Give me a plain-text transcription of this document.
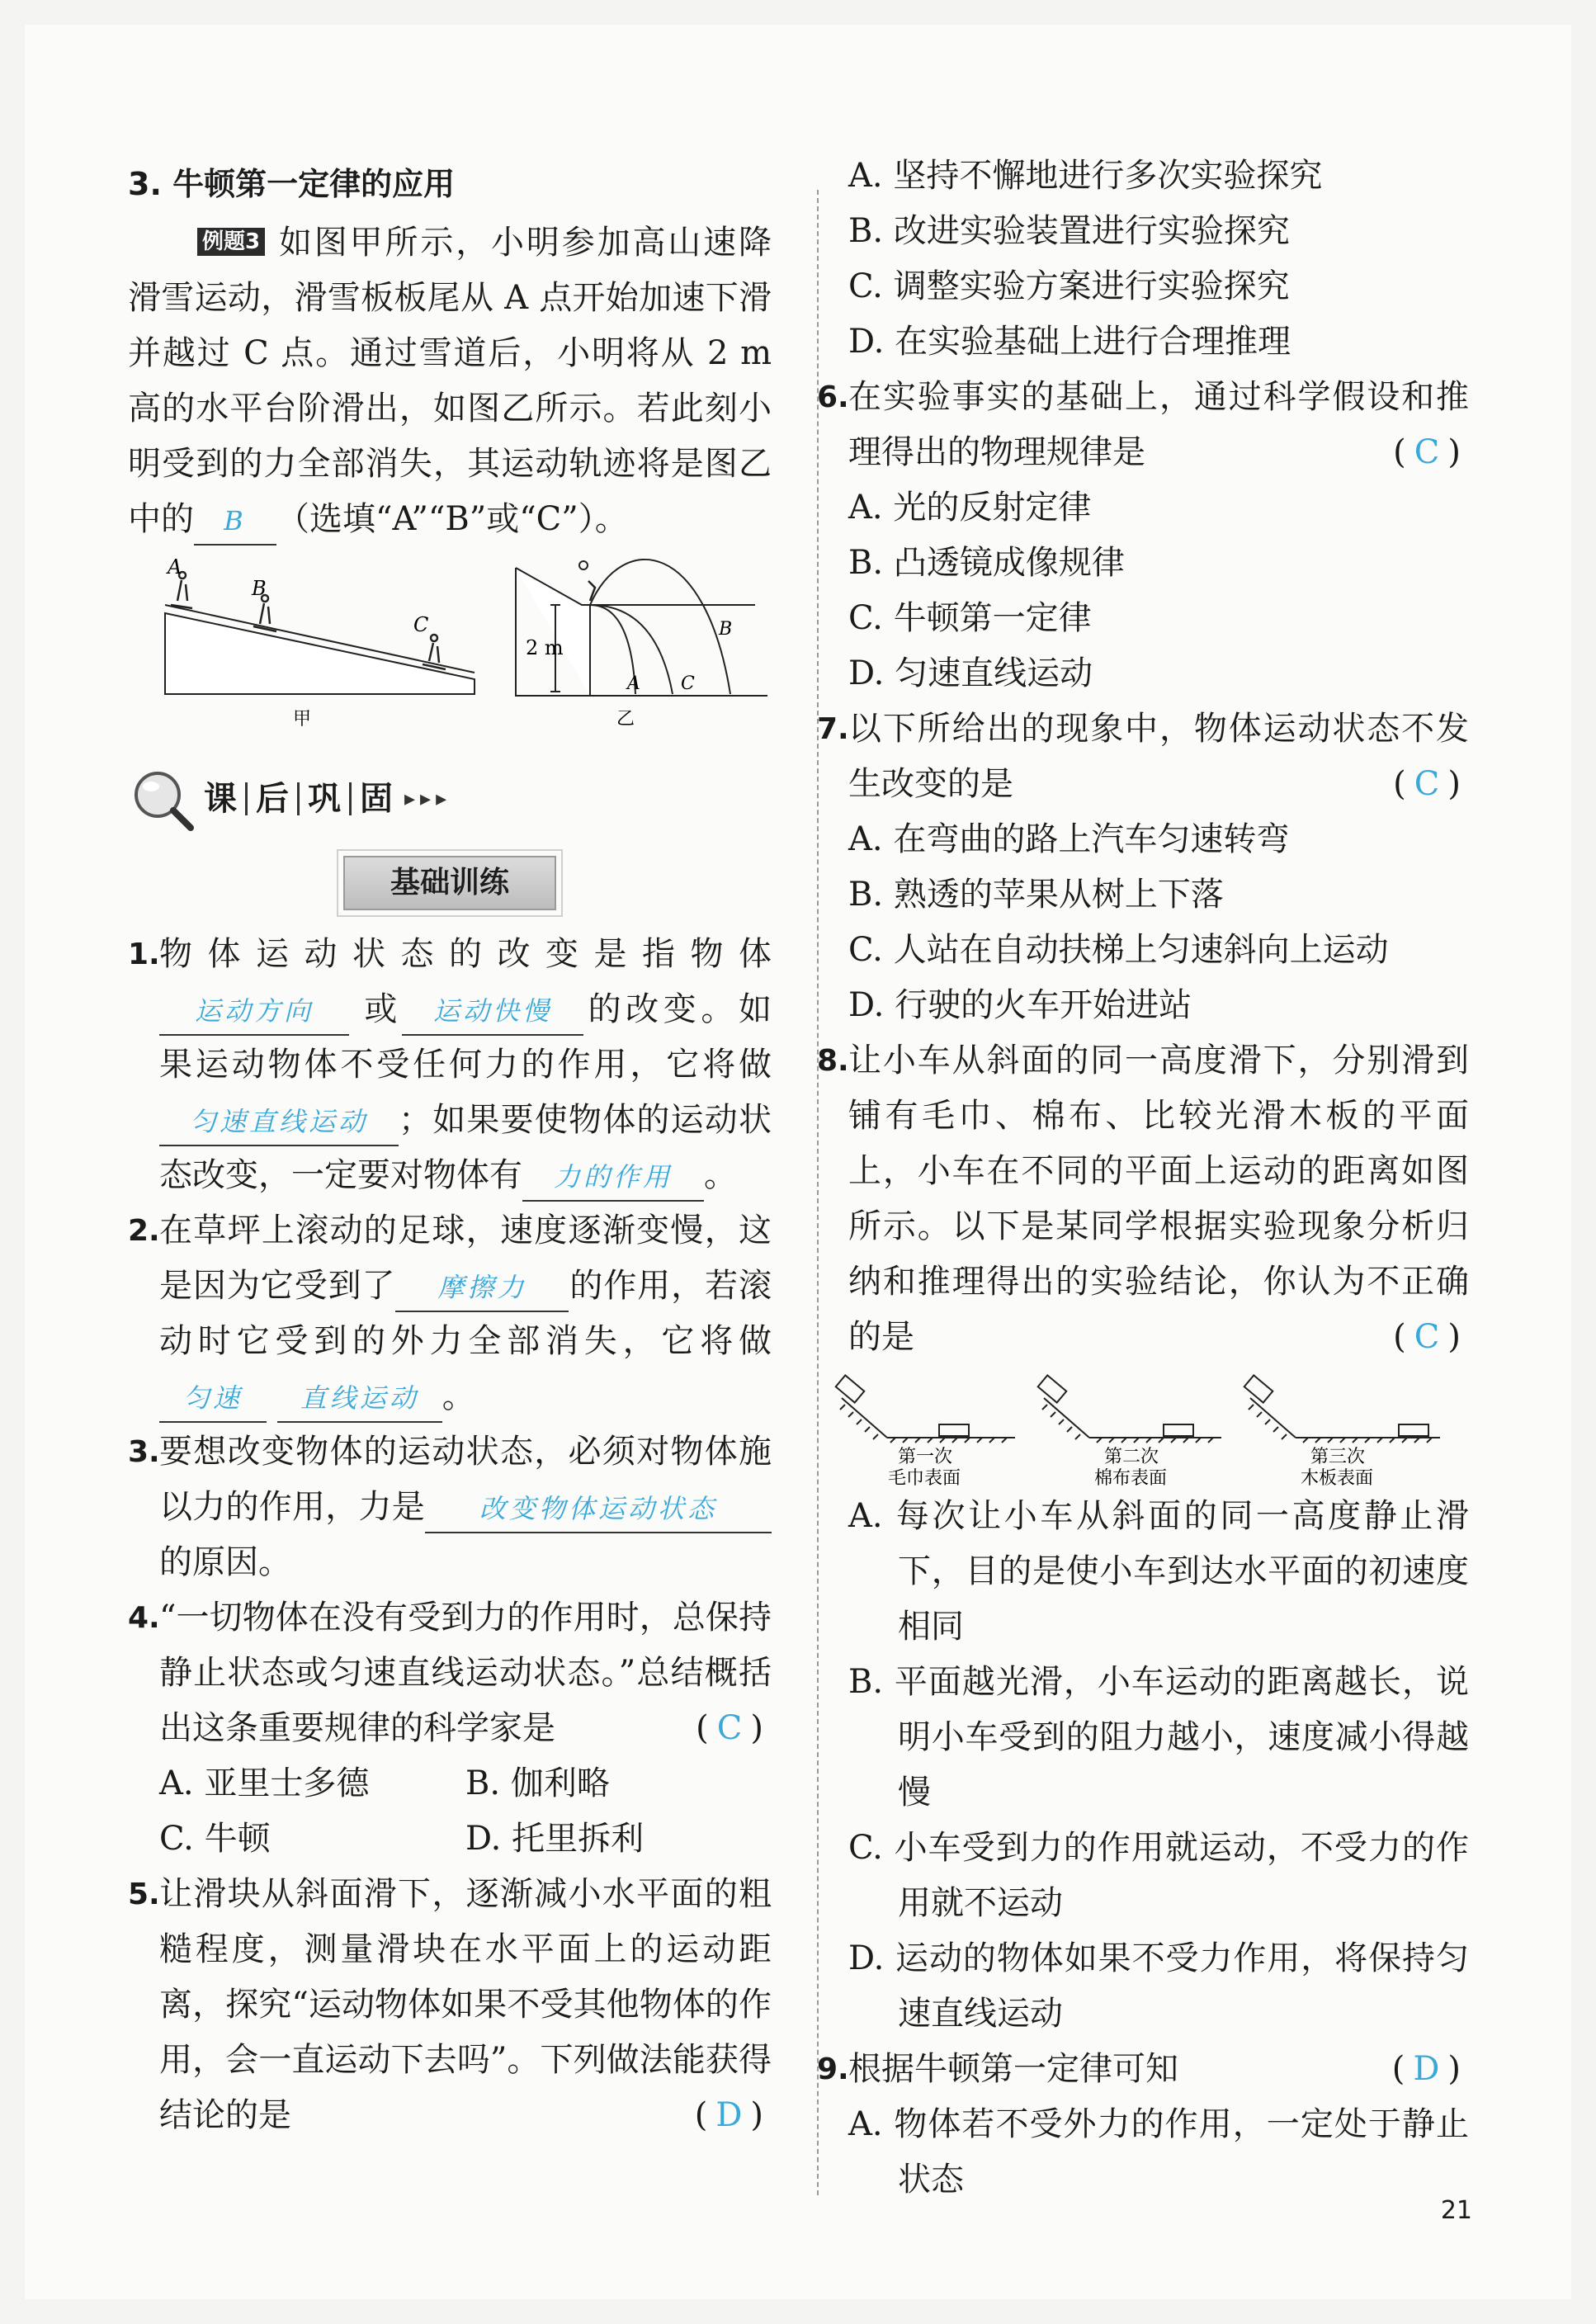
3. 牛顿第一定律的应用
例题3 如图甲所示，小明参加高山速降滑雪运动，滑雪板板尾从 A 点开始加速下滑并越过 C 点。通过雪道后，小明将从 2 m 高的水平台阶滑出，如图乙所示。若此刻小明受到的力全部消失，其运动轨迹将是图乙中的 B （选填“A”“B”或“C”）。
A
B
C
2 m
A C
B
甲	乙
课 后 巩 固 ▸▸▸
基础训练
1. 物体运动状态的改变是指物体运动方向 或 运动快慢 的改变。如果运动物体不受任何力的作用，它将做匀速直线运动 ；如果要使物体的运动状态改变，一定要对物体有 力的作用 。
2. 在草坪上滚动的足球，速度逐渐变慢，这是因为它受到了 摩擦力 的作用，若滚动时它受到的外力全部消失，它将做匀速 直线运动 。
3. 要想改变物体的运动状态，必须对物体施以力的作用，力是 改变物体运动状态的原因。
4. “一切物体在没有受到力的作用时，总保持静止状态或匀速直线运动状态。”总结概括出这条重要规律的科学家是	(C)
A. 亚里士多德	B. 伽利略
C. 牛顿	D. 托里拆利
5. 让滑块从斜面滑下，逐渐减小水平面的粗糙程度，测量滑块在水平面上的运动距离，探究“运动物体如果不受其他物体的作用，会一直运动下去吗”。下列做法能获得结论的是	(D)
A. 坚持不懈地进行多次实验探究
B. 改进实验装置进行实验探究
C. 调整实验方案进行实验探究
D. 在实验基础上进行合理推理
6. 在实验事实的基础上，通过科学假设和推理得出的物理规律是	(C)
A. 光的反射定律
B. 凸透镜成像规律
C. 牛顿第一定律
D. 匀速直线运动
7. 以下所给出的现象中，物体运动状态不发生改变的是	(C)
A. 在弯曲的路上汽车匀速转弯
B. 熟透的苹果从树上下落
C. 人站在自动扶梯上匀速斜向上运动
D. 行驶的火车开始进站
8. 让小车从斜面的同一高度滑下，分别滑到铺有毛巾、棉布、比较光滑木板的平面上，小车在不同的平面上运动的距离如图所示。以下是某同学根据实验现象分析归纳和推理得出的实验结论，你认为不正确的是	(C)
第一次
毛巾表面
第二次
棉布表面
第三次
木板表面
A. 每次让小车从斜面的同一高度静止滑下，目的是使小车到达水平面的初速度相同
B. 平面越光滑，小车运动的距离越长，说明小车受到的阻力越小，速度减小得越慢
C. 小车受到力的作用就运动，不受力的作用就不运动
D. 运动的物体如果不受力作用，将保持匀速直线运动
9. 根据牛顿第一定律可知	(D)
A. 物体若不受外力的作用，一定处于静止状态
21
